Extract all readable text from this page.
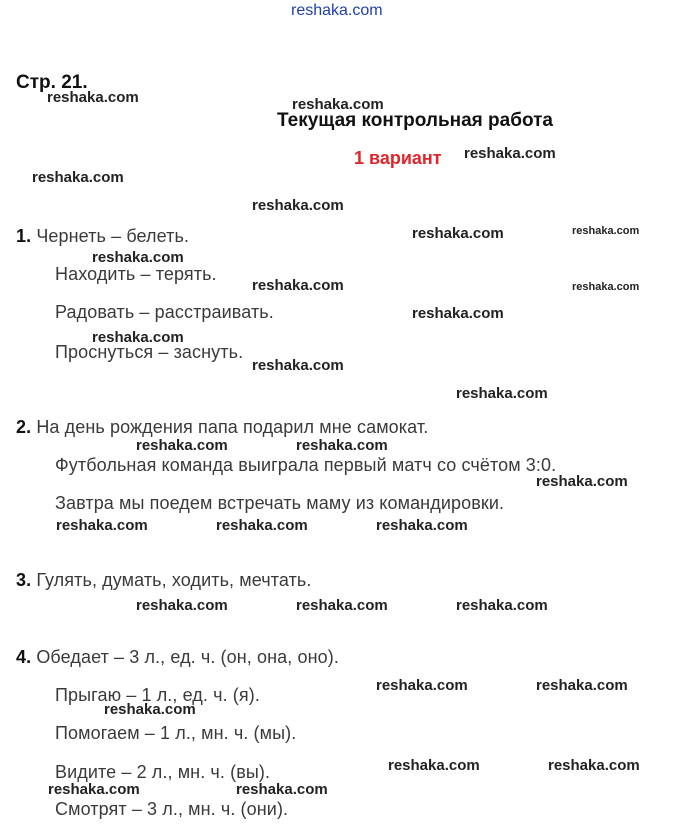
reshaka.com
Стр. 21.
Текущая контрольная работа
1 вариант
1. Чернеть – белеть.
Находить – терять.
Радовать – расстраивать.
Проснуться – заснуть.
2. На день рождения папа подарил мне самокат.
Футбольная команда выиграла первый матч со счётом 3:0.
Завтра мы поедем встречать маму из командировки.
3. Гулять, думать, ходить, мечтать.
4. Обедает – 3 л., ед. ч. (он, она, оно).
Прыгаю – 1 л., ед. ч. (я).
Помогаем – 1 л., мн. ч. (мы).
Видите – 2 л., мн. ч. (вы).
Смотрят – 3 л., мн. ч. (они).
reshaka.com	reshaka.com
reshaka.com
reshaka.com
reshaka.com
reshaka.com	reshaka.com
reshaka.com
reshaka.com	reshaka.com
reshaka.com
reshaka.com
reshaka.com
reshaka.com
reshaka.com	reshaka.com
reshaka.com
reshaka.com	reshaka.com	reshaka.com
reshaka.com	reshaka.com	reshaka.com
reshaka.com	reshaka.com
reshaka.com
reshaka.com	reshaka.com
reshaka.com	reshaka.com
